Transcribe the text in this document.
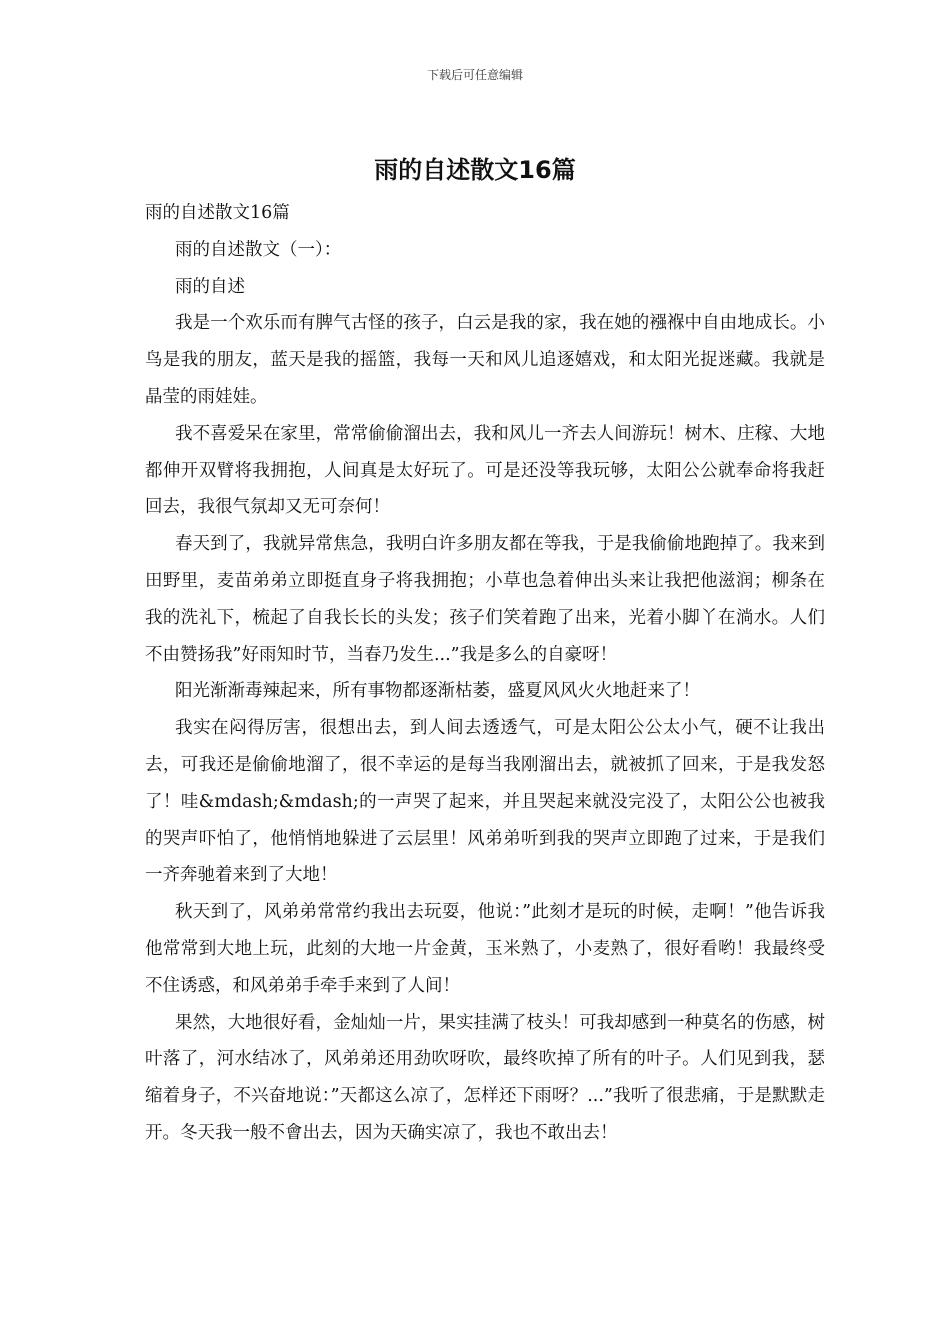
下载后可任意编辑
雨的自述散文16篇

雨的自述散文16篇

雨的自述散文（一）：

雨的自述

我是一个欢乐而有脾气古怪的孩子，白云是我的家，我在她的襁褓中自由地成长。小鸟是我的朋友，蓝天是我的摇篮，我每一天和风儿追逐嬉戏，和太阳光捉迷藏。我就是晶莹的雨娃娃。

我不喜爱呆在家里，常常偷偷溜出去，我和风儿一齐去人间游玩！树木、庄稼、大地都伸开双臂将我拥抱，人间真是太好玩了。可是还没等我玩够，太阳公公就奉命将我赶回去，我很气氛却又无可奈何！

春天到了，我就异常焦急，我明白许多朋友都在等我，于是我偷偷地跑掉了。我来到田野里，麦苗弟弟立即挺直身子将我拥抱；小草也急着伸出头来让我把他滋润；柳条在我的洗礼下，梳起了自我长长的头发；孩子们笑着跑了出来，光着小脚丫在淌水。人们不由赞扬我”好雨知时节，当春乃发生...”我是多么的自豪呀！

阳光渐渐毒辣起来，所有事物都逐渐枯萎，盛夏风风火火地赶来了！

我实在闷得厉害，很想出去，到人间去透透气，可是太阳公公太小气，硬不让我出去，可我还是偷偷地溜了，很不幸运的是每当我刚溜出去，就被抓了回来，于是我发怒了！哇&mdash;&mdash;的一声哭了起来，并且哭起来就没完没了，太阳公公也被我的哭声吓怕了，他悄悄地躲进了云层里！风弟弟听到我的哭声立即跑了过来，于是我们一齐奔驰着来到了大地！

秋天到了，风弟弟常常约我出去玩耍，他说：”此刻才是玩的时候，走啊！”他告诉我他常常到大地上玩，此刻的大地一片金黄，玉米熟了，小麦熟了，很好看哟！我最终受不住诱惑，和风弟弟手牵手来到了人间！

果然，大地很好看，金灿灿一片，果实挂满了枝头！可我却感到一种莫名的伤感，树叶落了，河水结冰了，风弟弟还用劲吹呀吹，最终吹掉了所有的叶子。人们见到我，瑟缩着身子，不兴奋地说：”天都这么凉了，怎样还下雨呀？...”我听了很悲痛，于是默默走开。冬天我一般不會出去，因为天确实凉了，我也不敢出去！
